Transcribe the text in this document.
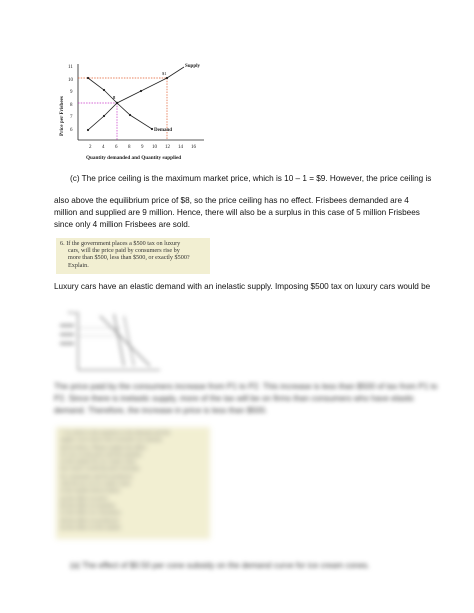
Price per Frisbees
11
10
9
8
7
6
2 4 6 8 9 10 12 14 16
Quantity demanded and Quantity supplied
Supply
Demand
$1
8
(c) The price ceiling is the maximum market price, which is 10 – 1 = $9. However, the price ceiling is
also above the equilibrium price of $8, so the price ceiling has no effect. Frisbees demanded are 4
million and supplied are 9 million. Hence, there will also be a surplus in this case of 5 million Frisbees
since only 4 million Frisbees are sold.
6. If the government places a $500 tax on luxury
cars, will the price paid by consumers rise by
more than $500, less than $500, or exactly $500?
Explain.
Luxury cars have an elastic demand with an inelastic supply. Imposing $500 tax on luxury cars would be
Price
The price paid by the consumers increase from P1 to P2. This increase is less than $500 of tax from P1 to
P2. Since there is inelastic supply, more of the tax will be on firms than consumers who have elastic
demand. Therefore, the increase in price is less than $500.
7. In which is the equation in the demand and the
supply curve shows the economic tax amount
shown below. Please explain the effect
of a tax on the price and the quantity
on the market for ice cream cones
how much would the price increase
for consumers and for producers
with the tax on ice cream cones
in the market shown below
(a) the effect on price
(b) the effect on quantity
(c) the effect on consumers
(d) the effect on producers
(e) the effect on the market
(a) The effect of $0.50 per cone subsidy on the demand curve for ice cream cones.
